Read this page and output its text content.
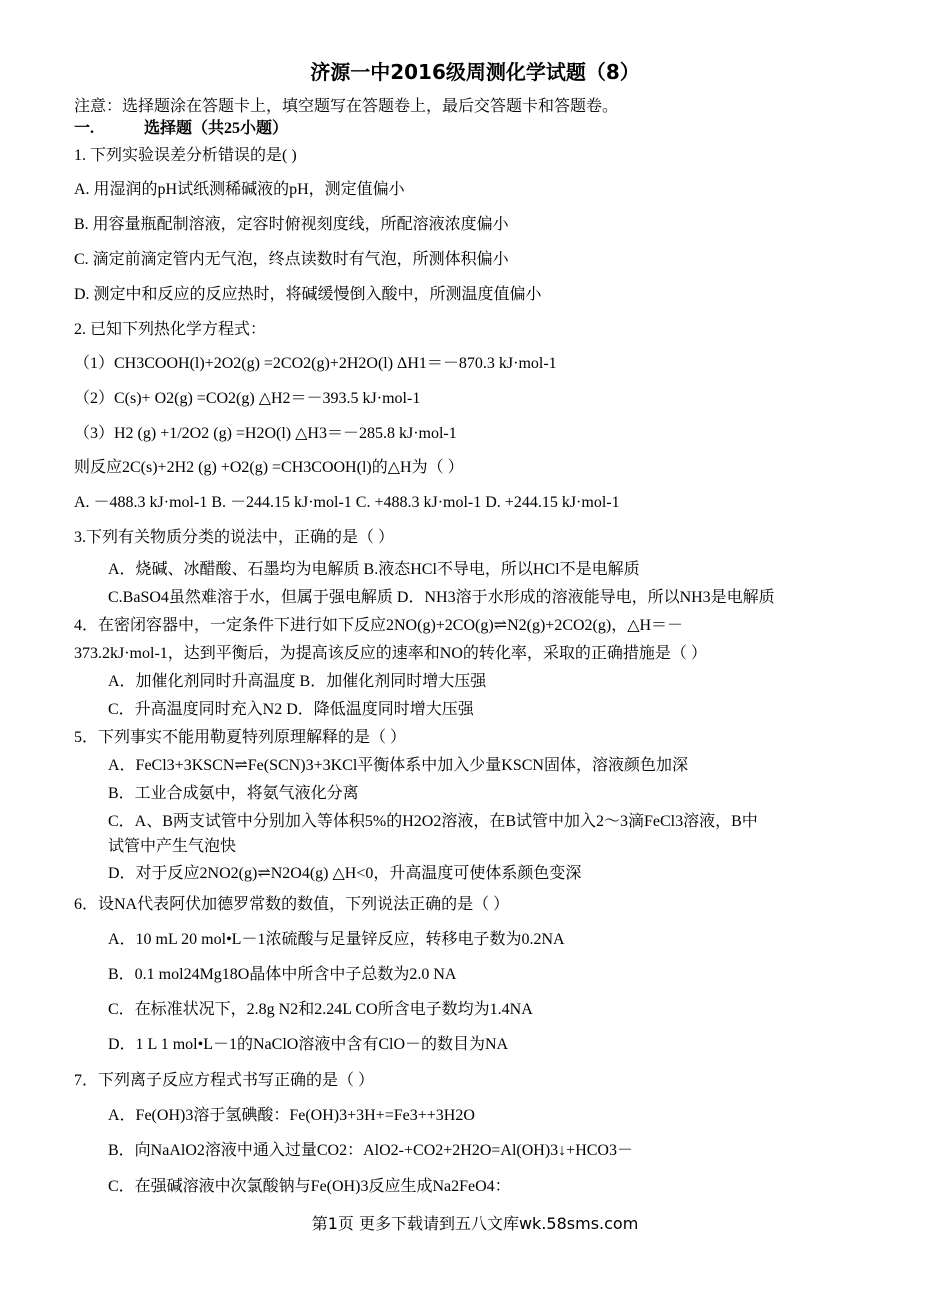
济源一中2016级周测化学试题（8）
注意：选择题涂在答题卡上，填空题写在答题卷上，最后交答题卡和答题卷。
一.	选择题（共25小题）
1. 下列实验误差分析错误的是( )
A. 用湿润的pH试纸测稀碱液的pH，测定值偏小
B. 用容量瓶配制溶液，定容时俯视刻度线，所配溶液浓度偏小
C. 滴定前滴定管内无气泡，终点读数时有气泡，所测体积偏小
D. 测定中和反应的反应热时，将碱缓慢倒入酸中，所测温度值偏小
2. 已知下列热化学方程式：
（1）CH3COOH(l)+2O2(g) =2CO2(g)+2H2O(l) ΔH1＝－870.3 kJ·mol-1
（2）C(s)+ O2(g) =CO2(g) △H2＝－393.5 kJ·mol-1
（3）H2 (g) +1/2O2 (g) =H2O(l) △H3＝－285.8 kJ·mol-1
则反应2C(s)+2H2 (g) +O2(g) =CH3COOH(l)的△H为（ ）
A. －488.3 kJ·mol-1 B. －244.15 kJ·mol-1 C. +488.3 kJ·mol-1 D. +244.15 kJ·mol-1
3.下列有关物质分类的说法中，正确的是（ ）
A．烧碱、冰醋酸、石墨均为电解质 B.液态HCl不导电，所以HCl不是电解质
C.BaSO4虽然难溶于水，但属于强电解质 D．NH3溶于水形成的溶液能导电，所以NH3是电解质
4．在密闭容器中，一定条件下进行如下反应2NO(g)+2CO(g)⇌N2(g)+2CO2(g)，△H＝－
373.2kJ·mol-1，达到平衡后，为提高该反应的速率和NO的转化率，采取的正确措施是（ ）
A．加催化剂同时升高温度 B．加催化剂同时增大压强
C．升高温度同时充入N2 D．降低温度同时增大压强
5．下列事实不能用勒夏特列原理解释的是（ ）
A．FeCl3+3KSCN⇌Fe(SCN)3+3KCl平衡体系中加入少量KSCN固体，溶液颜色加深
B．工业合成氨中，将氨气液化分离
C．A、B两支试管中分别加入等体积5%的H2O2溶液，在B试管中加入2～3滴FeCl3溶液，B中
试管中产生气泡快
D．对于反应2NO2(g)⇌N2O4(g) △H<0，升高温度可使体系颜色变深
6．设NA代表阿伏加德罗常数的数值，下列说法正确的是（ ）
A．10 mL 20 mol•L－1浓硫酸与足量锌反应，转移电子数为0.2NA
B．0.1 mol24Mg18O晶体中所含中子总数为2.0 NA
C．在标准状况下，2.8g N2和2.24L CO所含电子数均为1.4NA
D．1 L 1 mol•L－1的NaClO溶液中含有ClO－的数目为NA
7．下列离子反应方程式书写正确的是（ ）
A．Fe(OH)3溶于氢碘酸：Fe(OH)3+3H+=Fe3++3H2O
B．向NaAlO2溶液中通入过量CO2：AlO2-+CO2+2H2O=Al(OH)3↓+HCO3－
C．在强碱溶液中次氯酸钠与Fe(OH)3反应生成Na2FeO4：
第1页 更多下载请到五八文库wk.58sms.com
